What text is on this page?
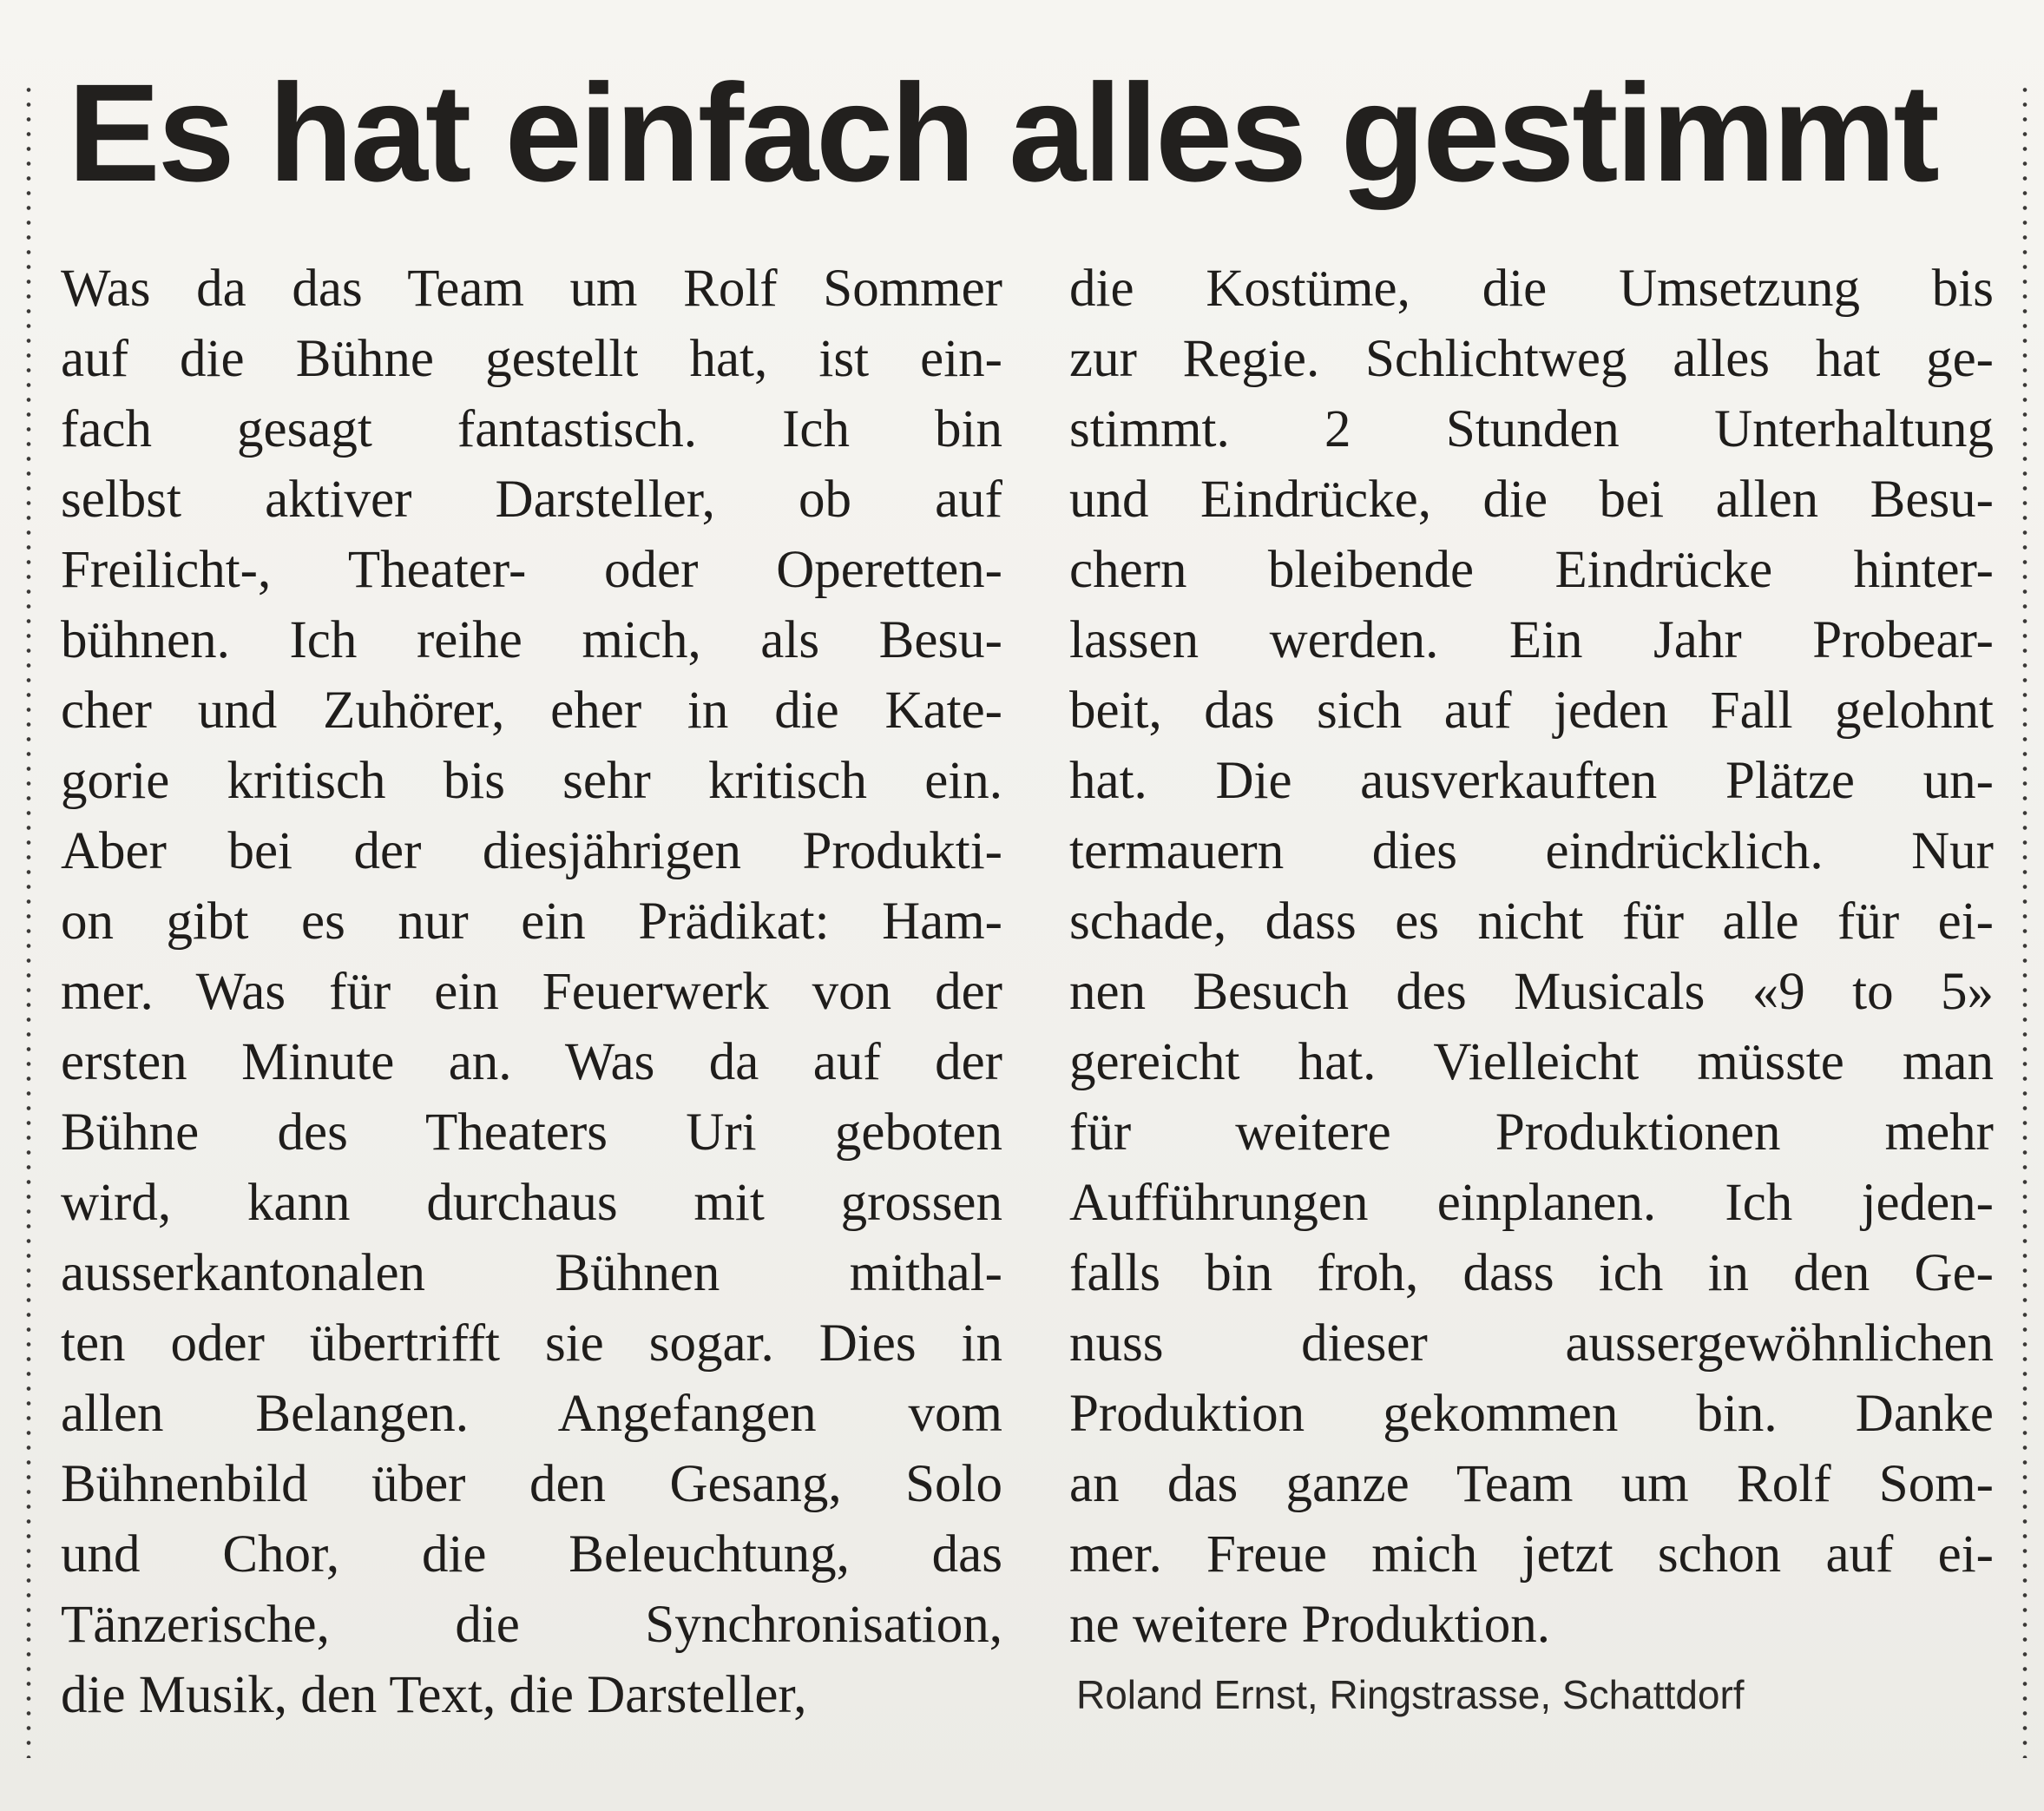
Es hat einfach alles gestimmt
Was da das Team um Rolf Sommer
auf die Bühne gestellt hat, ist ein-
fach gesagt fantastisch. Ich bin
selbst aktiver Darsteller, ob auf
Freilicht-, Theater- oder Operetten-
bühnen. Ich reihe mich, als Besu-
cher und Zuhörer, eher in die Kate-
gorie kritisch bis sehr kritisch ein.
Aber bei der diesjährigen Produkti-
on gibt es nur ein Prädikat: Ham-
mer. Was für ein Feuerwerk von der
ersten Minute an. Was da auf der
Bühne des Theaters Uri geboten
wird, kann durchaus mit grossen
ausserkantonalen Bühnen mithal-
ten oder übertrifft sie sogar. Dies in
allen Belangen. Angefangen vom
Bühnenbild über den Gesang, Solo
und Chor, die Beleuchtung, das
Tänzerische, die Synchronisation,
die Musik, den Text, die Darsteller,
die Kostüme, die Umsetzung bis
zur Regie. Schlichtweg alles hat ge-
stimmt. 2 Stunden Unterhaltung
und Eindrücke, die bei allen Besu-
chern bleibende Eindrücke hinter-
lassen werden. Ein Jahr Probear-
beit, das sich auf jeden Fall gelohnt
hat. Die ausverkauften Plätze un-
termauern dies eindrücklich. Nur
schade, dass es nicht für alle für ei-
nen Besuch des Musicals «9 to 5»
gereicht hat. Vielleicht müsste man
für weitere Produktionen mehr
Aufführungen einplanen. Ich jeden-
falls bin froh, dass ich in den Ge-
nuss dieser aussergewöhnlichen
Produktion gekommen bin. Danke
an das ganze Team um Rolf Som-
mer. Freue mich jetzt schon auf ei-
ne weitere Produktion.
Roland Ernst, Ringstrasse, Schattdorf
